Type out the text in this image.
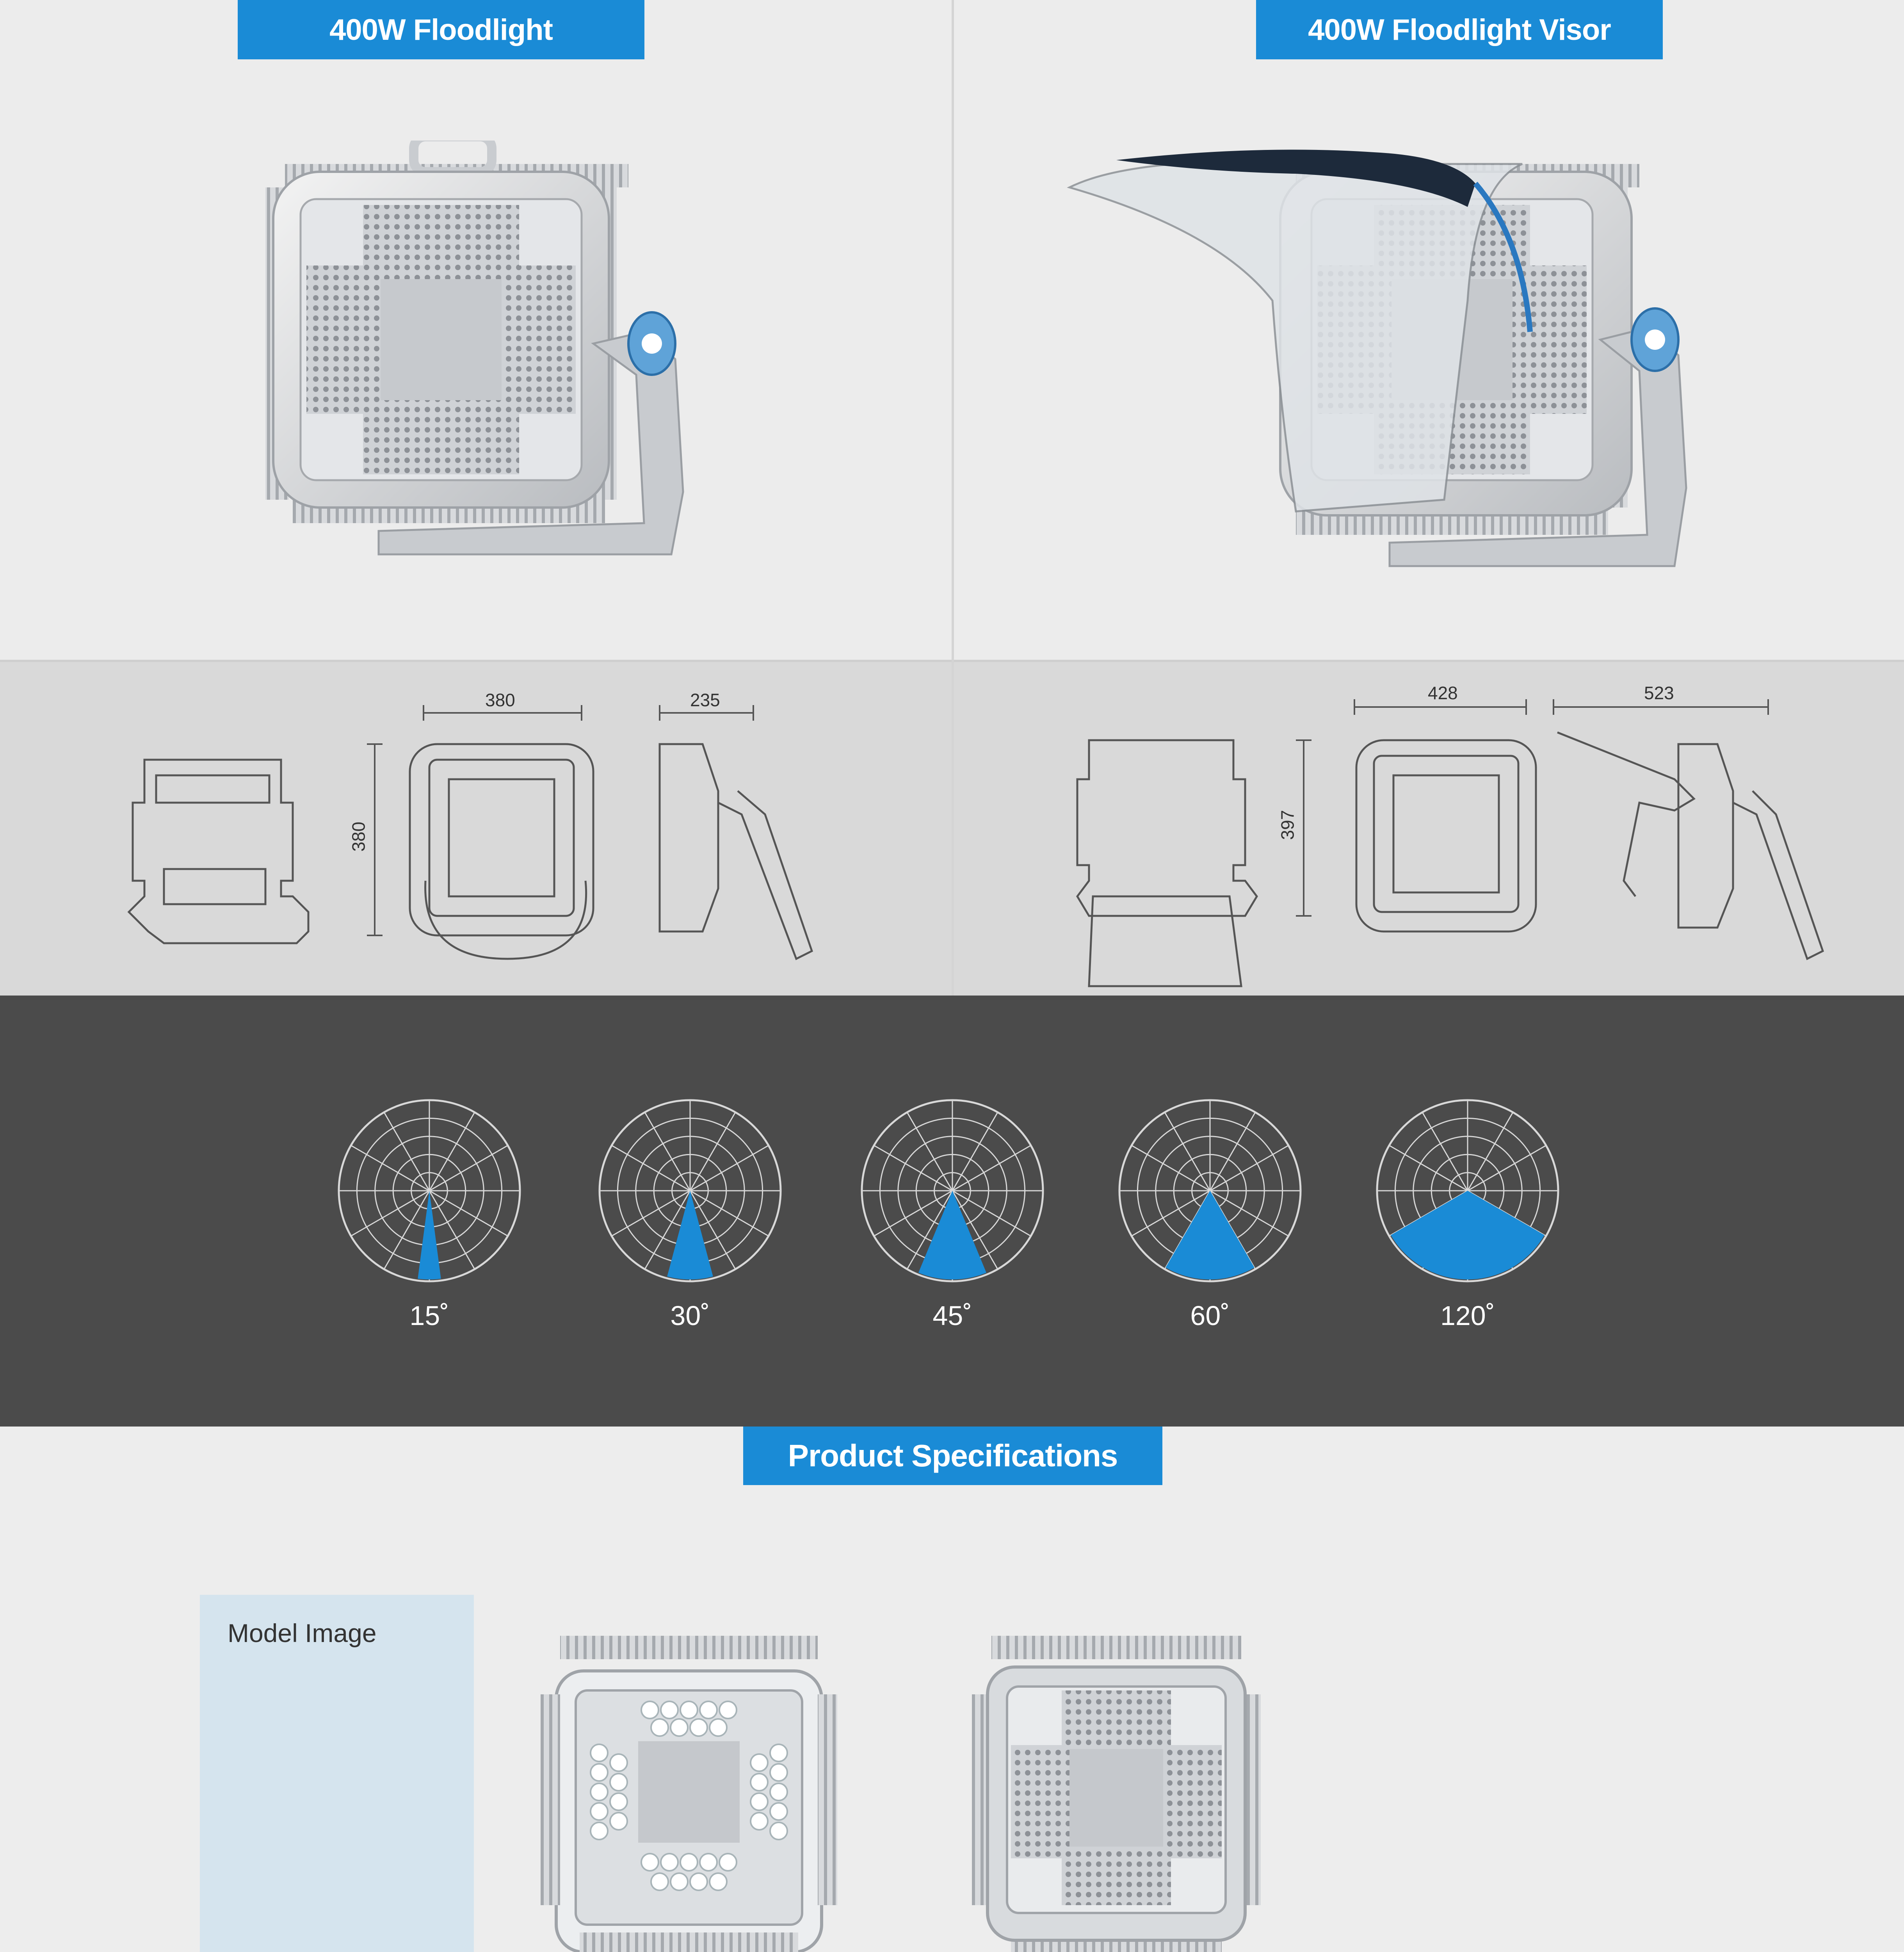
400W Floodlight	400W Floodlight Visor
380	235
380
428	523
397
15˚	30˚	45˚	60˚	120˚
Product Specifications
Model Image
